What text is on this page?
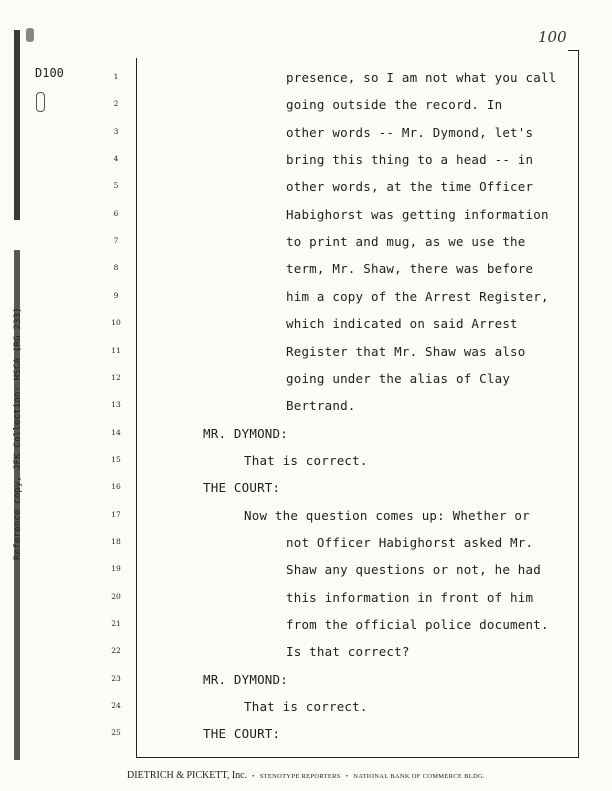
Reference copy, JFK Collection: HSCA (RG 233)
D100
100
1	presence, so I am not what you call
2	going outside the record. In
3	other words -- Mr. Dymond, let's
4	bring this thing to a head -- in
5	other words, at the time Officer
6	Habighorst was getting information
7	to print and mug, as we use the
8	term, Mr. Shaw, there was before
9	him a copy of the Arrest Register,
10	which indicated on said Arrest
11	Register that Mr. Shaw was also
12	going under the alias of Clay
13	Bertrand.
14	MR. DYMOND:
15	That is correct.
16	THE COURT:
17	Now the question comes up: Whether or
18	not Officer Habighorst asked Mr.
19	Shaw any questions or not, he had
20	this information in front of him
21	from the official police document.
22	Is that correct?
23	MR. DYMOND:
24	That is correct.
25	THE COURT:
DIETRICH & PICKETT, Inc. • STENOTYPE REPORTERS • NATIONAL BANK OF COMMERCE BLDG.
